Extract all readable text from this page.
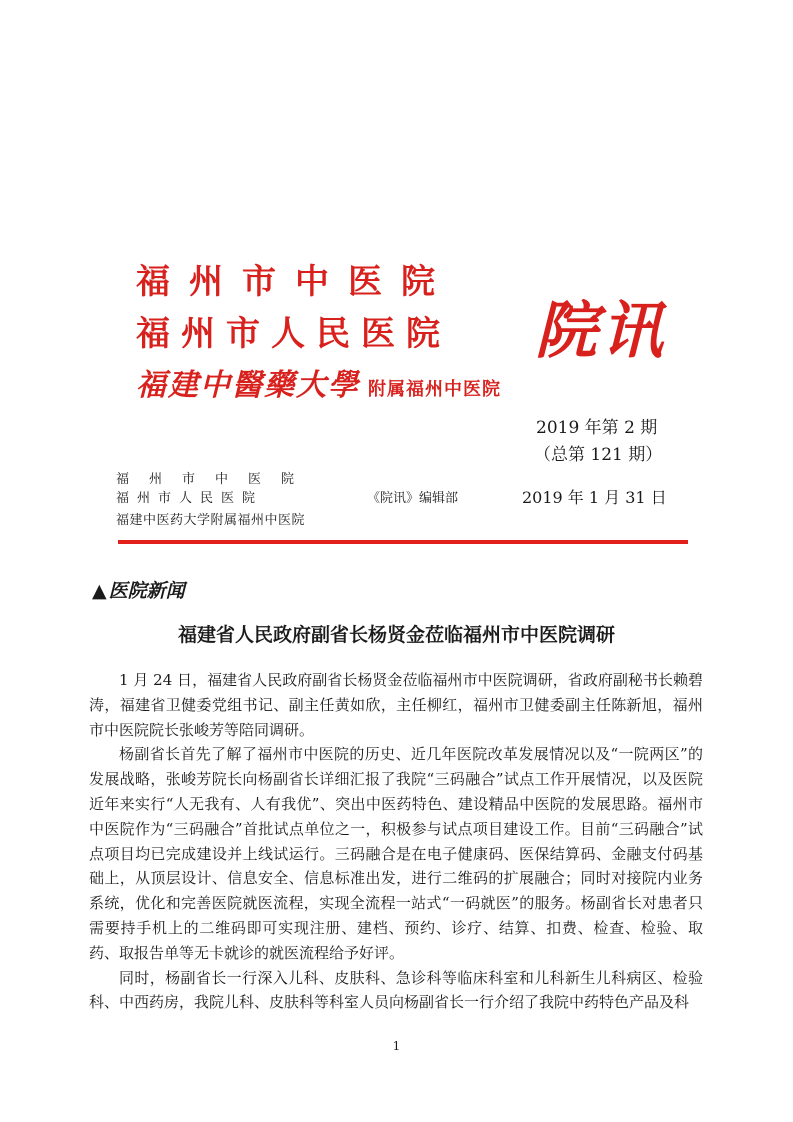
福州市中医院
福州市人民医院
福建中醫藥大學 附属福州中医院
院讯
2019 年第 2 期
（总第 121 期）
福州市中医院
福州市人民医院
福建中医药大学附属福州中医院
《院讯》编辑部	2019 年 1 月 31 日
▲ 医院新闻
福建省人民政府副省长杨贤金莅临福州市中医院调研

1 月 24 日，福建省人民政府副省长杨贤金莅临福州市中医院调研，省政府副秘书长赖碧涛，福建省卫健委党组书记、副主任黄如欣，主任柳红，福州市卫健委副主任陈新旭，福州市中医院院长张峻芳等陪同调研。

杨副省长首先了解了福州市中医院的历史、近几年医院改革发展情况以及“一院两区”的发展战略，张峻芳院长向杨副省长详细汇报了我院“三码融合”试点工作开展情况，以及医院近年来实行“人无我有、人有我优”、突出中医药特色、建设精品中医院的发展思路。福州市中医院作为“三码融合”首批试点单位之一，积极参与试点项目建设工作。目前“三码融合”试点项目均已完成建设并上线试运行。三码融合是在电子健康码、医保结算码、金融支付码基础上，从顶层设计、信息安全、信息标准出发，进行二维码的扩展融合；同时对接院内业务系统，优化和完善医院就医流程，实现全流程一站式“一码就医”的服务。杨副省长对患者只需要持手机上的二维码即可实现注册、建档、预约、诊疗、结算、扣费、检查、检验、取药、取报告单等无卡就诊的就医流程给予好评。

同时，杨副省长一行深入儿科、皮肤科、急诊科等临床科室和儿科新生儿科病区、检验科、中西药房，我院儿科、皮肤科等科室人员向杨副省长一行介绍了我院中药特色产品及科

1
